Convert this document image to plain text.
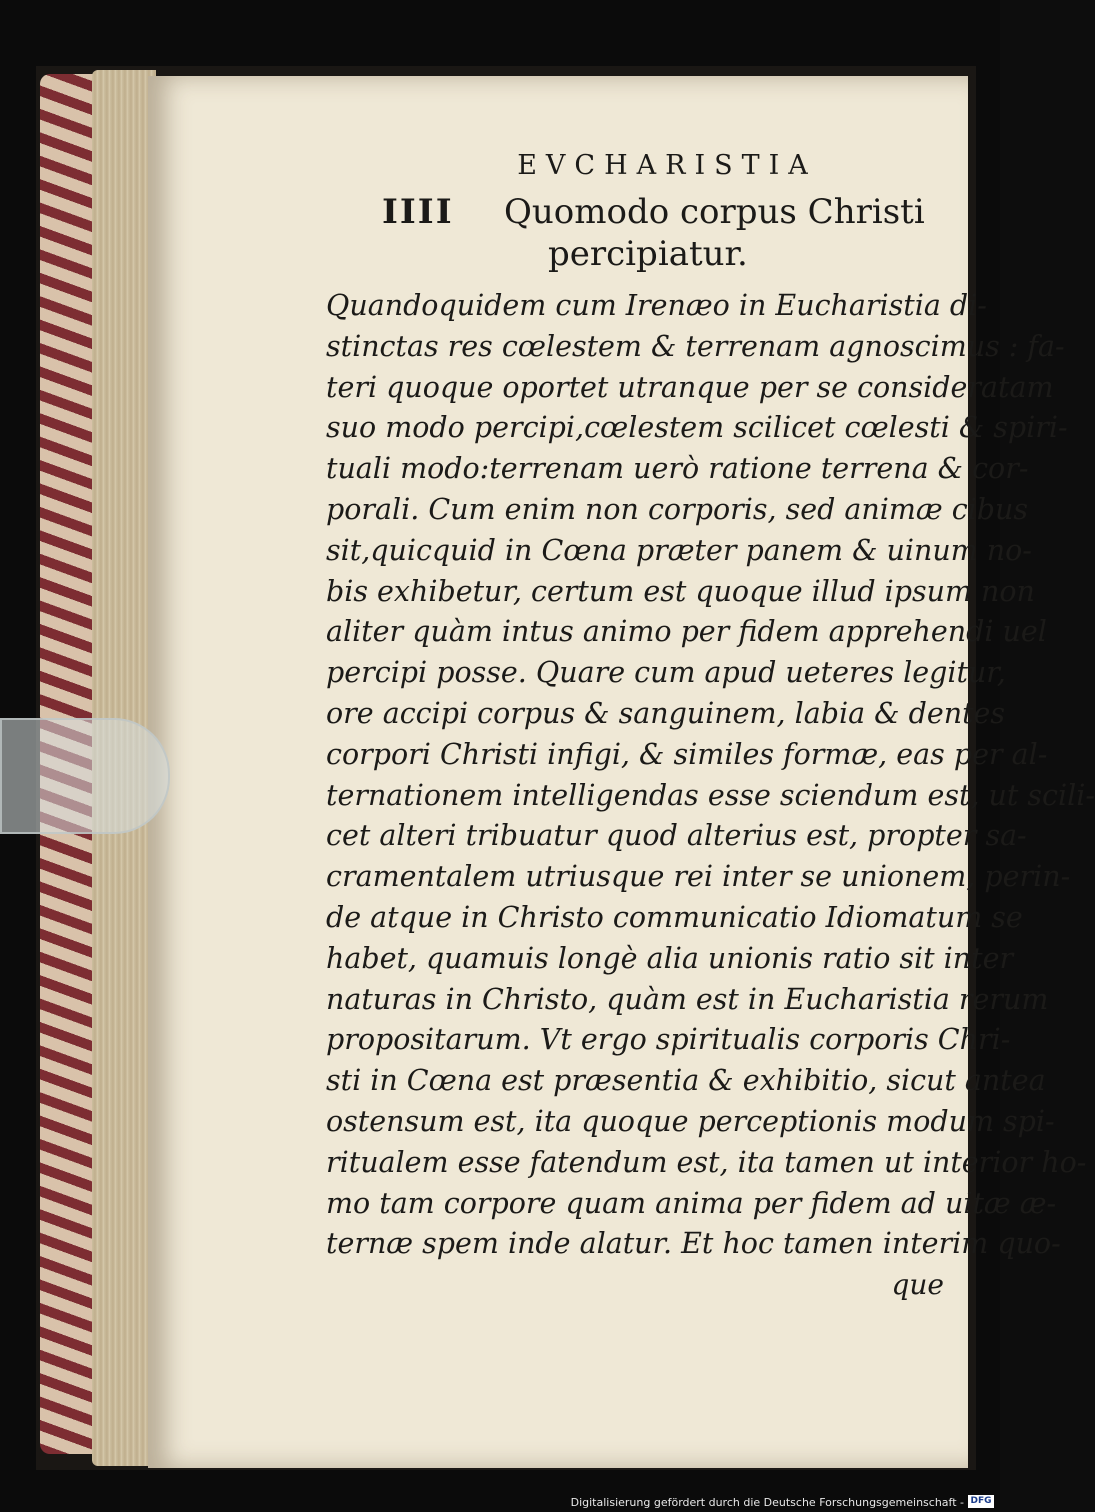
EVCHARISTIA
IIII Quomodo corpus Christi
percipiatur.
Quandoquidem cum Irenæo in Eucharistia di-
stinctas res cœlestem & terrenam agnoscimus : fa-
teri quoque oportet utranque per se consideratam
suo modo percipi,cœlestem scilicet cœlesti & spiri-
tuali modo:terrenam uerò ratione terrena & cor-
porali. Cum enim non corporis, sed animæ cibus
sit,quicquid in Cœna præter panem & uinum no-
bis exhibetur, certum est quoque illud ipsum non
aliter quàm intus animo per fidem apprehendi uel
percipi posse. Quare cum apud ueteres legitur,
ore accipi corpus & sanguinem, labia & dentes
corpori Christi infigi, & similes formæ, eas per al-
ternationem intelligendas esse sciendum est, ut scili-
cet alteri tribuatur quod alterius est, propter sa-
cramentalem utriusque rei inter se unionem, perin-
de atque in Christo communicatio Idiomatum se
habet, quamuis longè alia unionis ratio sit inter
naturas in Christo, quàm est in Eucharistia rerum
propositarum. Vt ergo spiritualis corporis Chri-
sti in Cœna est præsentia & exhibitio, sicut antea
ostensum est, ita quoque perceptionis modum spi-
ritualem esse fatendum est, ita tamen ut interior ho-
mo tam corpore quam anima per fidem ad uitæ æ-
ternæ spem inde alatur. Et hoc tamen interim quo-
que
Digitalisierung gefördert durch die Deutsche Forschungsgemeinschaft - DFG
